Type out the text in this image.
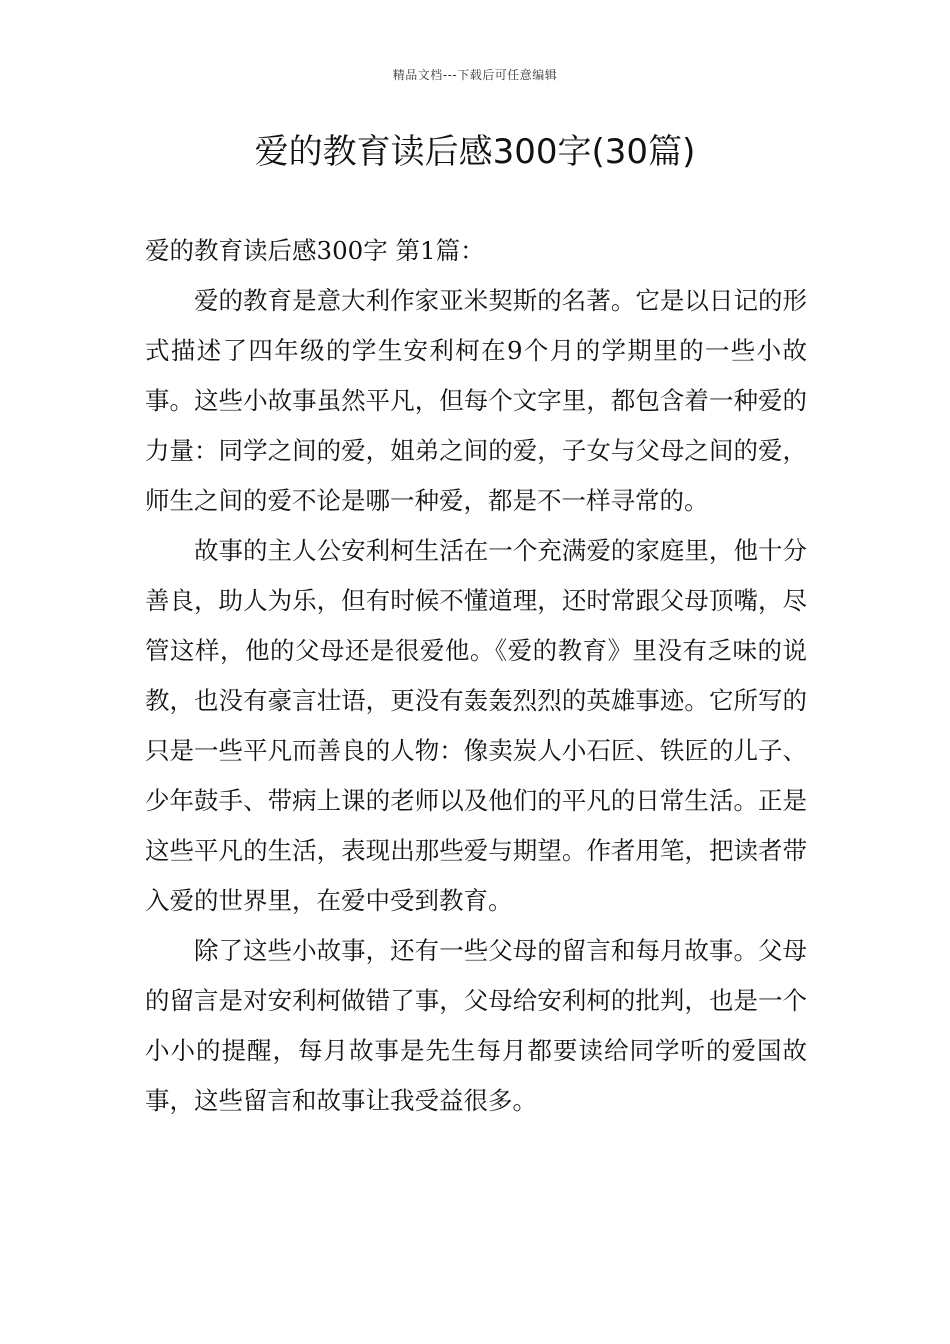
精品文档---下载后可任意编辑
爱的教育读后感300字(30篇)

爱的教育读后感300字 第1篇：

爱的教育是意大利作家亚米契斯的名著。它是以日记的形式描述了四年级的学生安利柯在9个月的学期里的一些小故事。这些小故事虽然平凡，但每个文字里，都包含着一种爱的力量：同学之间的爱，姐弟之间的爱，子女与父母之间的爱，师生之间的爱不论是哪一种爱，都是不一样寻常的。

故事的主人公安利柯生活在一个充满爱的家庭里，他十分善良，助人为乐，但有时候不懂道理，还时常跟父母顶嘴，尽管这样，他的父母还是很爱他。《爱的教育》里没有乏味的说教，也没有豪言壮语，更没有轰轰烈烈的英雄事迹。它所写的只是一些平凡而善良的人物：像卖炭人小石匠、铁匠的儿子、少年鼓手、带病上课的老师以及他们的平凡的日常生活。正是这些平凡的生活，表现出那些爱与期望。作者用笔，把读者带入爱的世界里，在爱中受到教育。

除了这些小故事，还有一些父母的留言和每月故事。父母的留言是对安利柯做错了事，父母给安利柯的批判，也是一个小小的提醒，每月故事是先生每月都要读给同学听的爱国故事，这些留言和故事让我受益很多。
